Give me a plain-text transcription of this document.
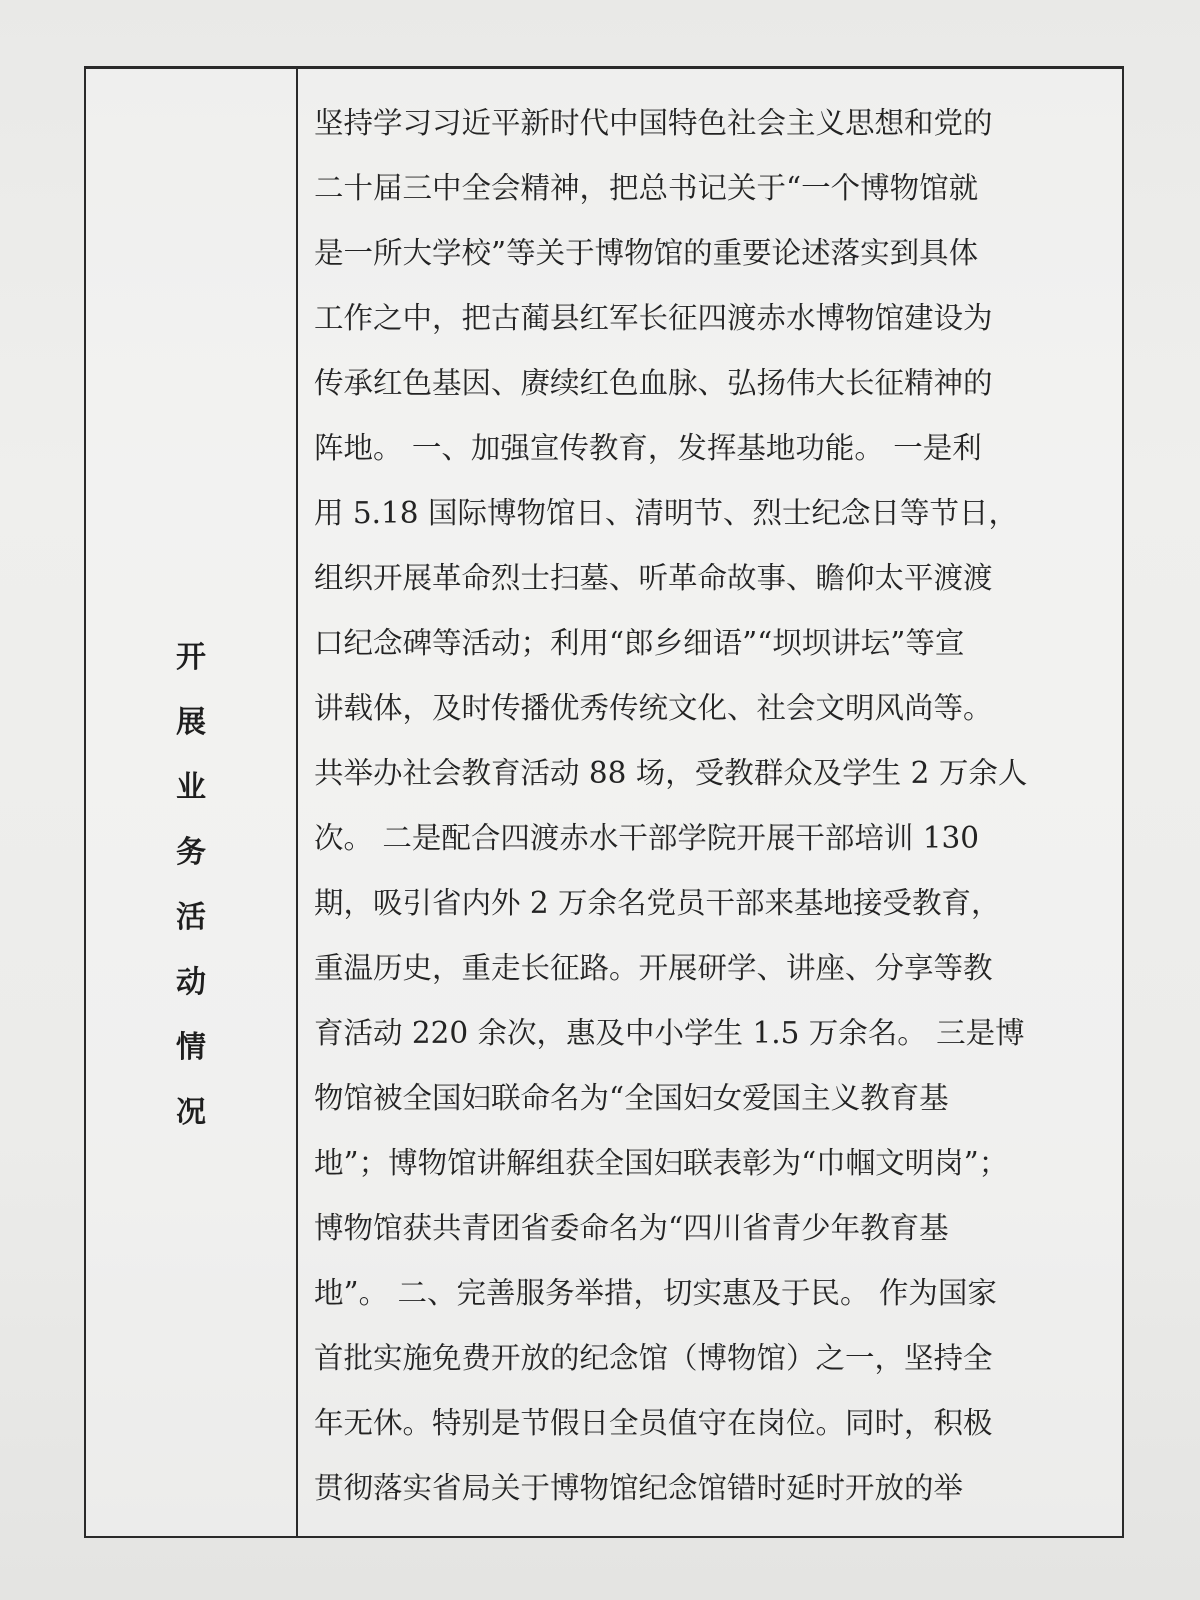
开
展
业
务
活
动
情
况
坚持学习习近平新时代中国特色社会主义思想和党的
二十届三中全会精神，把总书记关于“一个博物馆就
是一所大学校”等关于博物馆的重要论述落实到具体
工作之中，把古蔺县红军长征四渡赤水博物馆建设为
传承红色基因、赓续红色血脉、弘扬伟大长征精神的
阵地。 一、加强宣传教育，发挥基地功能。 一是利
用 5.18 国际博物馆日、清明节、烈士纪念日等节日，
组织开展革命烈士扫墓、听革命故事、瞻仰太平渡渡
口纪念碑等活动；利用“郎乡细语”“坝坝讲坛”等宣
讲载体，及时传播优秀传统文化、社会文明风尚等。
共举办社会教育活动 88 场，受教群众及学生 2 万余人
次。 二是配合四渡赤水干部学院开展干部培训 130
期，吸引省内外 2 万余名党员干部来基地接受教育，
重温历史，重走长征路。开展研学、讲座、分享等教
育活动 220 余次，惠及中小学生 1.5 万余名。 三是博
物馆被全国妇联命名为“全国妇女爱国主义教育基
地”；博物馆讲解组获全国妇联表彰为“巾帼文明岗”；
博物馆获共青团省委命名为“四川省青少年教育基
地”。 二、完善服务举措，切实惠及于民。 作为国家
首批实施免费开放的纪念馆（博物馆）之一，坚持全
年无休。特别是节假日全员值守在岗位。同时，积极
贯彻落实省局关于博物馆纪念馆错时延时开放的举
